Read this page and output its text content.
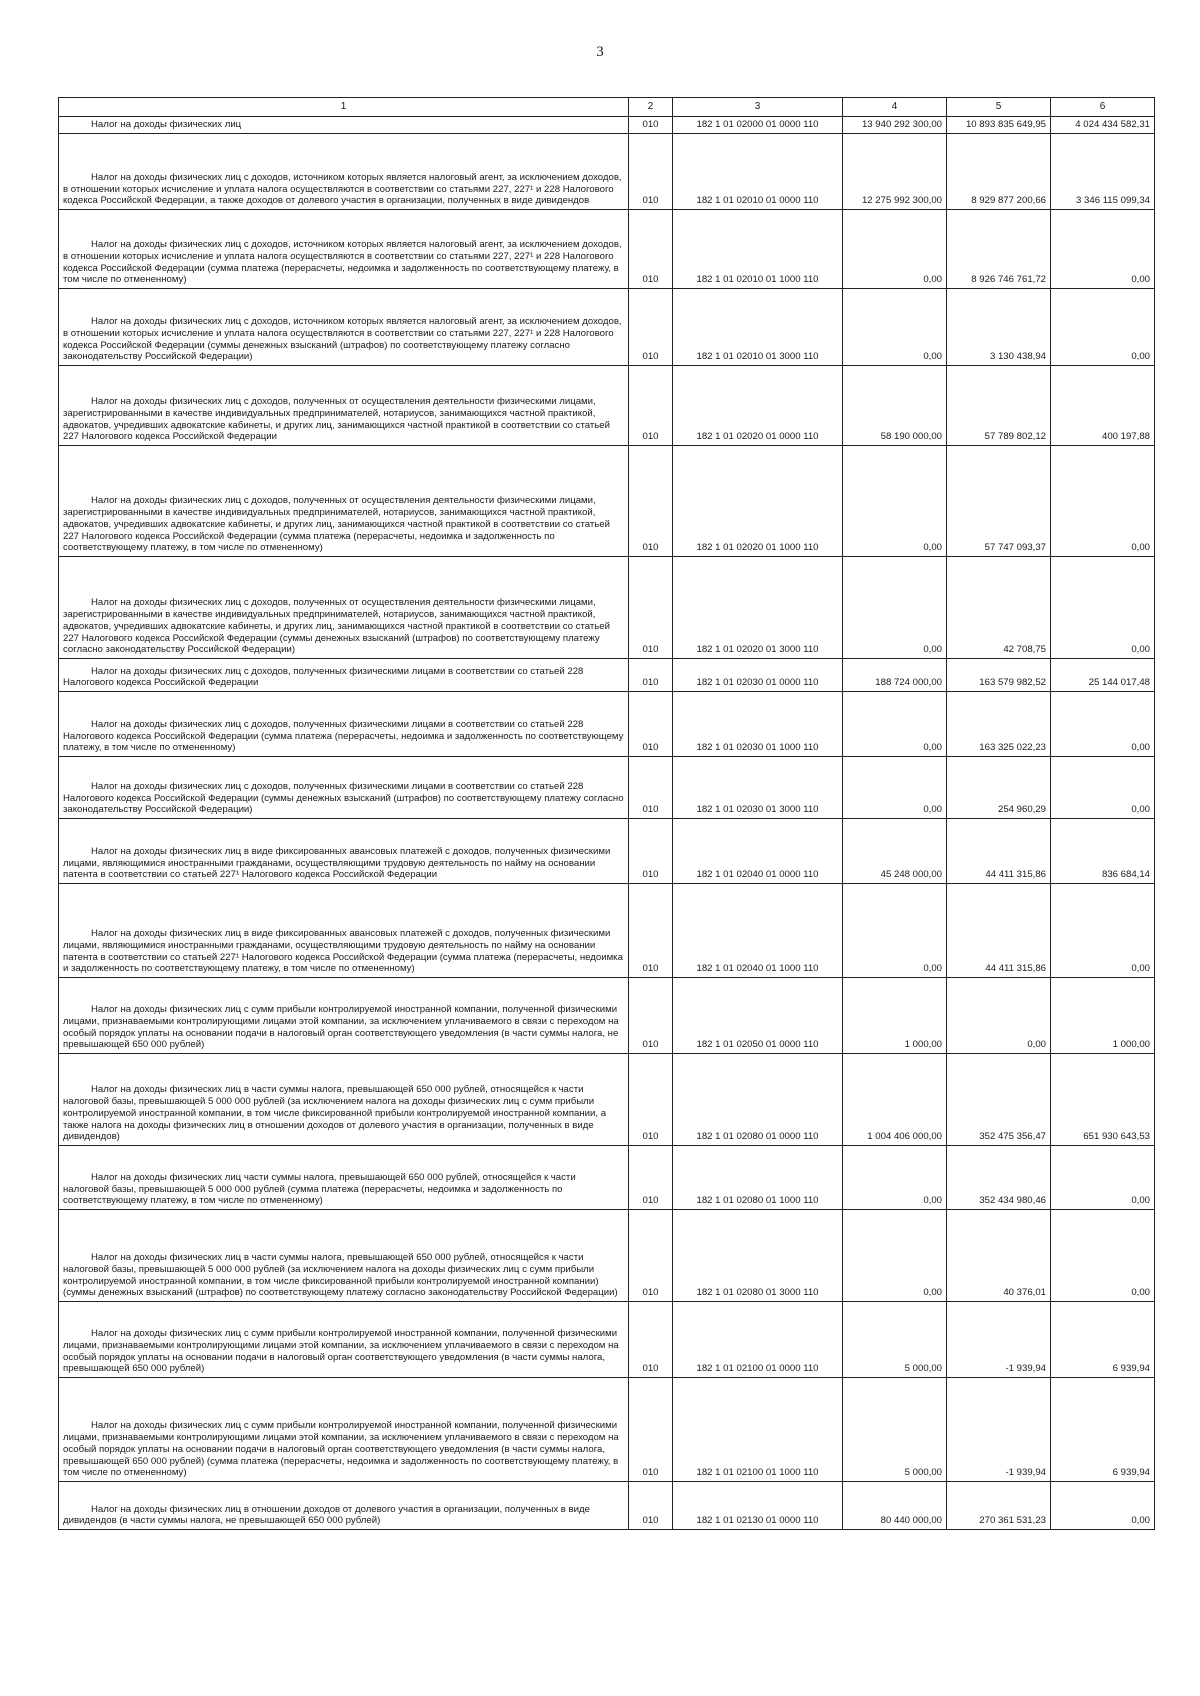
3
1	2	3	4	5	6

Налог на доходы физических лиц	010	182 1 01 02000 01 0000 110	13 940 292 300,00	10 893 835 649,95	4 024 434 582,31

Налог на доходы физических лиц с доходов, источником которых является налоговый агент, за исключением доходов, в отношении которых исчисление и уплата налога осуществляются в соответствии со статьями 227, 227¹ и 228 Налогового кодекса Российской Федерации, а также доходов от долевого участия в организации, полученных в виде дивидендов	010	182 1 01 02010 01 0000 110	12 275 992 300,00	8 929 877 200,66	3 346 115 099,34

Налог на доходы физических лиц с доходов, источником которых является налоговый агент, за исключением доходов, в отношении которых исчисление и уплата налога осуществляются в соответствии со статьями 227, 227¹ и 228 Налогового кодекса Российской Федерации (сумма платежа (перерасчеты, недоимка и задолженность по соответствующему платежу, в том числе по отмененному)	010	182 1 01 02010 01 1000 110	0,00	8 926 746 761,72	0,00

Налог на доходы физических лиц с доходов, источником которых является налоговый агент, за исключением доходов, в отношении которых исчисление и уплата налога осуществляются в соответствии со статьями 227, 227¹ и 228 Налогового кодекса Российской Федерации (суммы денежных взысканий (штрафов) по соответствующему платежу согласно законодательству Российской Федерации)	010	182 1 01 02010 01 3000 110	0,00	3 130 438,94	0,00

Налог на доходы физических лиц с доходов, полученных от осуществления деятельности физическими лицами, зарегистрированными в качестве индивидуальных предпринимателей, нотариусов, занимающихся частной практикой, адвокатов, учредивших адвокатские кабинеты, и других лиц, занимающихся частной практикой в соответствии со статьей 227 Налогового кодекса Российской Федерации	010	182 1 01 02020 01 0000 110	58 190 000,00	57 789 802,12	400 197,88

Налог на доходы физических лиц с доходов, полученных от осуществления деятельности физическими лицами, зарегистрированными в качестве индивидуальных предпринимателей, нотариусов, занимающихся частной практикой, адвокатов, учредивших адвокатские кабинеты, и других лиц, занимающихся частной практикой в соответствии со статьей 227 Налогового кодекса Российской Федерации (сумма платежа (перерасчеты, недоимка и задолженность по соответствующему платежу, в том числе по отмененному)	010	182 1 01 02020 01 1000 110	0,00	57 747 093,37	0,00

Налог на доходы физических лиц с доходов, полученных от осуществления деятельности физическими лицами, зарегистрированными в качестве индивидуальных предпринимателей, нотариусов, занимающихся частной практикой, адвокатов, учредивших адвокатские кабинеты, и других лиц, занимающихся частной практикой в соответствии со статьей 227 Налогового кодекса Российской Федерации (суммы денежных взысканий (штрафов) по соответствующему платежу согласно законодательству Российской Федерации)	010	182 1 01 02020 01 3000 110	0,00	42 708,75	0,00

Налог на доходы физических лиц с доходов, полученных физическими лицами в соответствии со статьей 228 Налогового кодекса Российской Федерации	010	182 1 01 02030 01 0000 110	188 724 000,00	163 579 982,52	25 144 017,48

Налог на доходы физических лиц с доходов, полученных физическими лицами в соответствии со статьей 228 Налогового кодекса Российской Федерации (сумма платежа (перерасчеты, недоимка и задолженность по соответствующему платежу, в том числе по отмененному)	010	182 1 01 02030 01 1000 110	0,00	163 325 022,23	0,00

Налог на доходы физических лиц с доходов, полученных физическими лицами в соответствии со статьей 228 Налогового кодекса Российской Федерации (суммы денежных взысканий (штрафов) по соответствующему платежу согласно законодательству Российской Федерации)	010	182 1 01 02030 01 3000 110	0,00	254 960,29	0,00

Налог на доходы физических лиц в виде фиксированных авансовых платежей с доходов, полученных физическими лицами, являющимися иностранными гражданами, осуществляющими трудовую деятельность по найму на основании патента в соответствии со статьей 227¹ Налогового кодекса Российской Федерации	010	182 1 01 02040 01 0000 110	45 248 000,00	44 411 315,86	836 684,14

Налог на доходы физических лиц в виде фиксированных авансовых платежей с доходов, полученных физическими лицами, являющимися иностранными гражданами, осуществляющими трудовую деятельность по найму на основании патента в соответствии со статьей 227¹ Налогового кодекса Российской Федерации (сумма платежа (перерасчеты, недоимка и задолженность по соответствующему платежу, в том числе по отмененному)	010	182 1 01 02040 01 1000 110	0,00	44 411 315,86	0,00

Налог на доходы физических лиц с сумм прибыли контролируемой иностранной компании, полученной физическими лицами, признаваемыми контролирующими лицами этой компании, за исключением уплачиваемого в связи с переходом на особый порядок уплаты на основании подачи в налоговый орган соответствующего уведомления (в части суммы налога, не превышающей 650 000 рублей)	010	182 1 01 02050 01 0000 110	1 000,00	0,00	1 000,00

Налог на доходы физических лиц в части суммы налога, превышающей 650 000 рублей, относящейся к части налоговой базы, превышающей 5 000 000 рублей (за исключением налога на доходы физических лиц с сумм прибыли контролируемой иностранной компании, в том числе фиксированной прибыли контролируемой иностранной компании, а также налога на доходы физических лиц в отношении доходов от долевого участия в организации, полученных в виде дивидендов)	010	182 1 01 02080 01 0000 110	1 004 406 000,00	352 475 356,47	651 930 643,53

Налог на доходы физических лиц части суммы налога, превышающей 650 000 рублей, относящейся к части налоговой базы, превышающей 5 000 000 рублей (сумма платежа (перерасчеты, недоимка и задолженность по соответствующему платежу, в том числе по отмененному)	010	182 1 01 02080 01 1000 110	0,00	352 434 980,46	0,00

Налог на доходы физических лиц в части суммы налога, превышающей 650 000 рублей, относящейся к части налоговой базы, превышающей 5 000 000 рублей (за исключением налога на доходы физических лиц с сумм прибыли контролируемой иностранной компании, в том числе фиксированной прибыли контролируемой иностранной компании) (суммы денежных взысканий (штрафов) по соответствующему платежу согласно законодательству Российской Федерации)	010	182 1 01 02080 01 3000 110	0,00	40 376,01	0,00

Налог на доходы физических лиц с сумм прибыли контролируемой иностранной компании, полученной физическими лицами, признаваемыми контролирующими лицами этой компании, за исключением уплачиваемого в связи с переходом на особый порядок уплаты на основании подачи в налоговый орган соответствующего уведомления (в части суммы налога, превышающей 650 000 рублей)	010	182 1 01 02100 01 0000 110	5 000,00	-1 939,94	6 939,94

Налог на доходы физических лиц с сумм прибыли контролируемой иностранной компании, полученной физическими лицами, признаваемыми контролирующими лицами этой компании, за исключением уплачиваемого в связи с переходом на особый порядок уплаты на основании подачи в налоговый орган соответствующего уведомления (в части суммы налога, превышающей 650 000 рублей) (сумма платежа (перерасчеты, недоимка и задолженность по соответствующему платежу, в том числе по отмененному)	010	182 1 01 02100 01 1000 110	5 000,00	-1 939,94	6 939,94

Налог на доходы физических лиц в отношении доходов от долевого участия в организации, полученных в виде дивидендов (в части суммы налога, не превышающей 650 000 рублей)	010	182 1 01 02130 01 0000 110	80 440 000,00	270 361 531,23	0,00
